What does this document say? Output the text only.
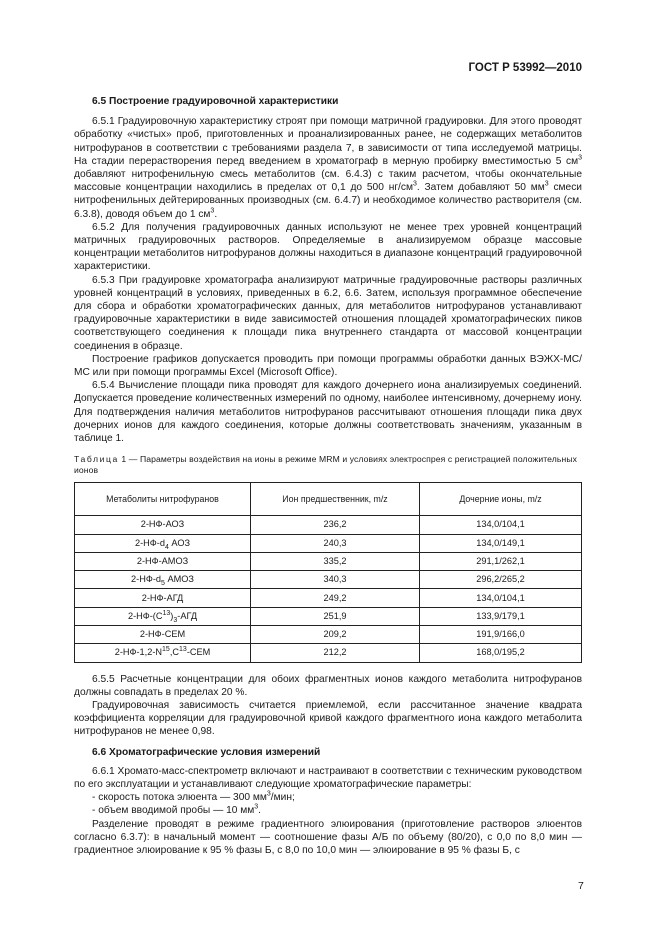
ГОСТ Р 53992—2010

6.5 Построение градуировочной характеристики

6.5.1 Градуировочную характеристику строят при помощи матричной градуировки. Для этого проводят обработку «чистых» проб, приготовленных и проанализированных ранее, не содержащих метаболитов нитрофуранов в соответствии с требованиями раздела 7, в зависимости от типа исследуемой матрицы. На стадии перерастворения перед введением в хроматограф в мерную пробирку вместимостью 5 $см^3$ добавляют нитрофенильную смесь метаболитов (см. 6.4.3) с таким расчетом, чтобы окончательные массовые концентрации находились в пределах от 0,1 до 500 $нг/см^3$. Затем добавляют 50 $мм^3$ смеси нитрофенильных дейтерированных производных (см. 6.4.7) и необходимое количество растворителя (см. 6.3.8), доводя объем до 1 $см^3$.

6.5.2 Для получения градуировочных данных используют не менее трех уровней концентраций матричных градуировочных растворов. Определяемые в анализируемом образце массовые концентрации метаболитов нитрофуранов должны находиться в диапазоне концентраций градуировочной характеристики.

6.5.3 При градуировке хроматографа анализируют матричные градуировочные растворы различных уровней концентраций в условиях, приведенных в 6.2, 6.6. Затем, используя программное обеспечение для сбора и обработки хроматографических данных, для метаболитов нитрофуранов устанавливают градуировочные характеристики в виде зависимостей отношения площадей хроматографических пиков соответствующего соединения к площади пика внутреннего стандарта от массовой концентрации соединения в образце.

Построение графиков допускается проводить при помощи программы обработки данных ВЭЖХ-МС/МС или при помощи программы Excel (Microsoft Office).

6.5.4 Вычисление площади пика проводят для каждого дочернего иона анализируемых соединений. Допускается проведение количественных измерений по одному, наиболее интенсивному, дочернему иону. Для подтверждения наличия метаболитов нитрофуранов рассчитывают отношения площади пика двух дочерних ионов для каждого соединения, которые должны соответствовать значениям, указанным в таблице 1.

Таблица 1 — Параметры воздействия на ионы в режиме MRM и условиях электроспрея с регистрацией положительных ионов

Метаболиты нитрофуранов	Ион предшественник, m/z	Дочерние ионы, m/z
2-НФ-АОЗ	236,2	134,0/104,1
$2-НФ-d_4$ АОЗ	240,3	134,0/149,1
2-НФ-АМОЗ	335,2	291,1/262,1
$2-НФ-d_5$ АМОЗ	340,3	296,2/265,2
2-НФ-АГД	249,2	134,0/104,1
$2-НФ-(С^{13})_3$-АГД	251,9	133,9/179,1
2-НФ-СЕМ	209,2	191,9/166,0
$2-НФ-1,2-N^{15},С^{13}$-СЕМ	212,2	168,0/195,2

6.5.5 Расчетные концентрации для обоих фрагментных ионов каждого метаболита нитрофуранов должны совпадать в пределах 20 %.

Градуировочная зависимость считается приемлемой, если рассчитанное значение квадрата коэффициента корреляции для градуировочной кривой каждого фрагментного иона каждого метаболита нитрофуранов не менее 0,98.

6.6 Хроматографические условия измерений

6.6.1 Хромато-масс-спектрометр включают и настраивают в соответствии с техническим руководством по его эксплуатации и устанавливают следующие хроматографические параметры:

- скорость потока элюента — 300 $мм^3$/мин;

- объем вводимой пробы — 10 $мм^3$.

Разделение проводят в режиме градиентного элюирования (приготовление растворов элюентов согласно 6.3.7): в начальный момент — соотношение фазы А/Б по объему (80/20), с 0,0 по 8,0 мин — градиентное элюирование к 95 % фазы Б, с 8,0 по 10,0 мин — элюирование в 95 % фазы Б, с

7
